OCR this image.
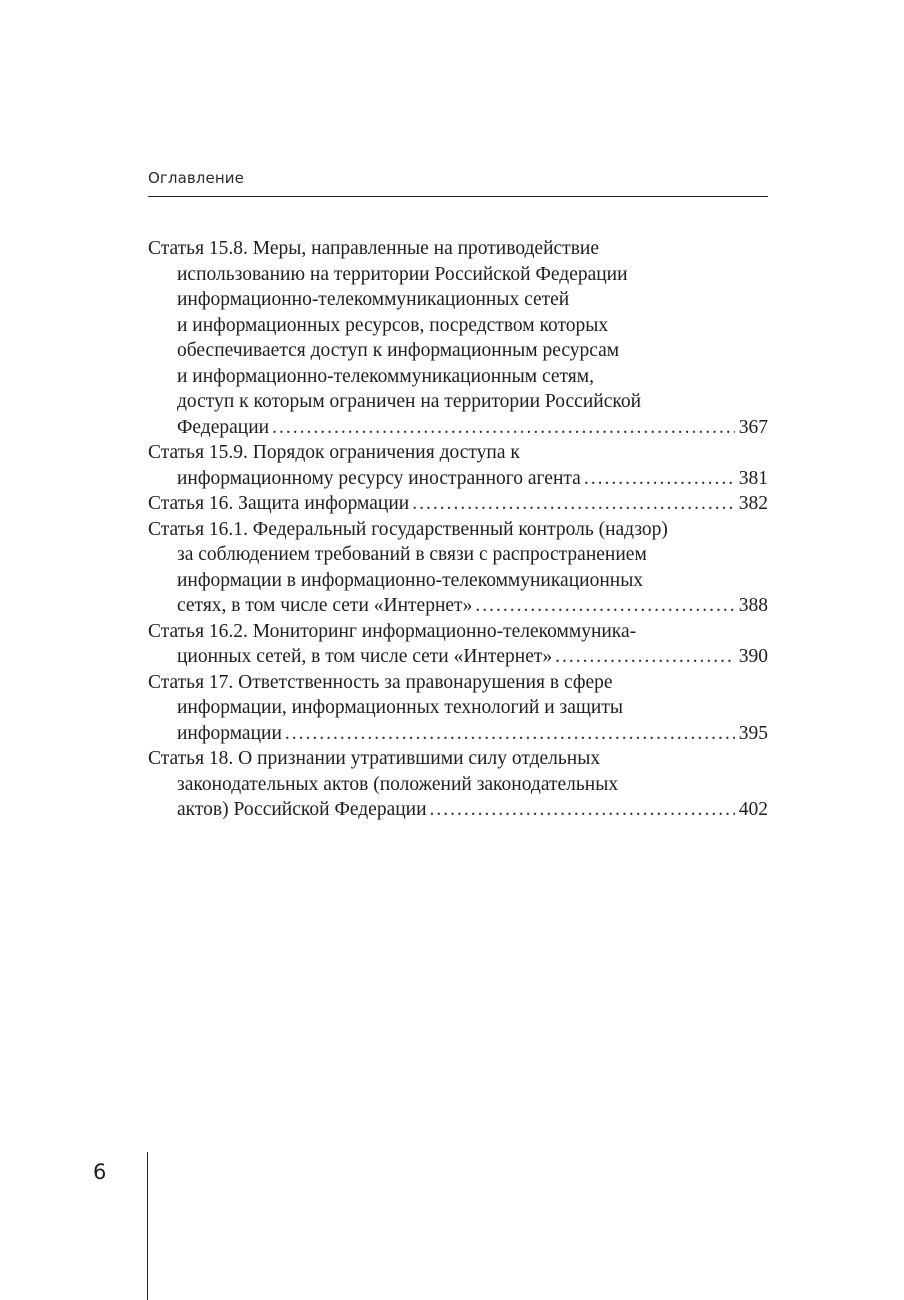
Оглавление
Статья 15.8. Меры, направленные на противодействие
использованию на территории Российской Федерации
информационно-телекоммуникационных сетей
и информационных ресурсов, посредством которых
обеспечивается доступ к информационным ресурсам
и информационно-телекоммуникационным сетям,
доступ к которым ограничен на территории Российской
Федерации .....	367
Статья 15.9. Порядок ограничения доступа к
информационному ресурсу иностранного агента .....	381
Статья 16. Защита информации .....	382
Статья 16.1. Федеральный государственный контроль (надзор)
за соблюдением требований в связи с распространением
информации в информационно-телекоммуникационных
сетях, в том числе сети «Интернет» .....	388
Статья 16.2. Мониторинг информационно-телекоммуника-
ционных сетей, в том числе сети «Интернет» .....	390
Статья 17. Ответственность за правонарушения в сфере
информации, информационных технологий и защиты
информации .....	395
Статья 18. О признании утратившими силу отдельных
законодательных актов (положений законодательных
актов) Российской Федерации .....	402
6
